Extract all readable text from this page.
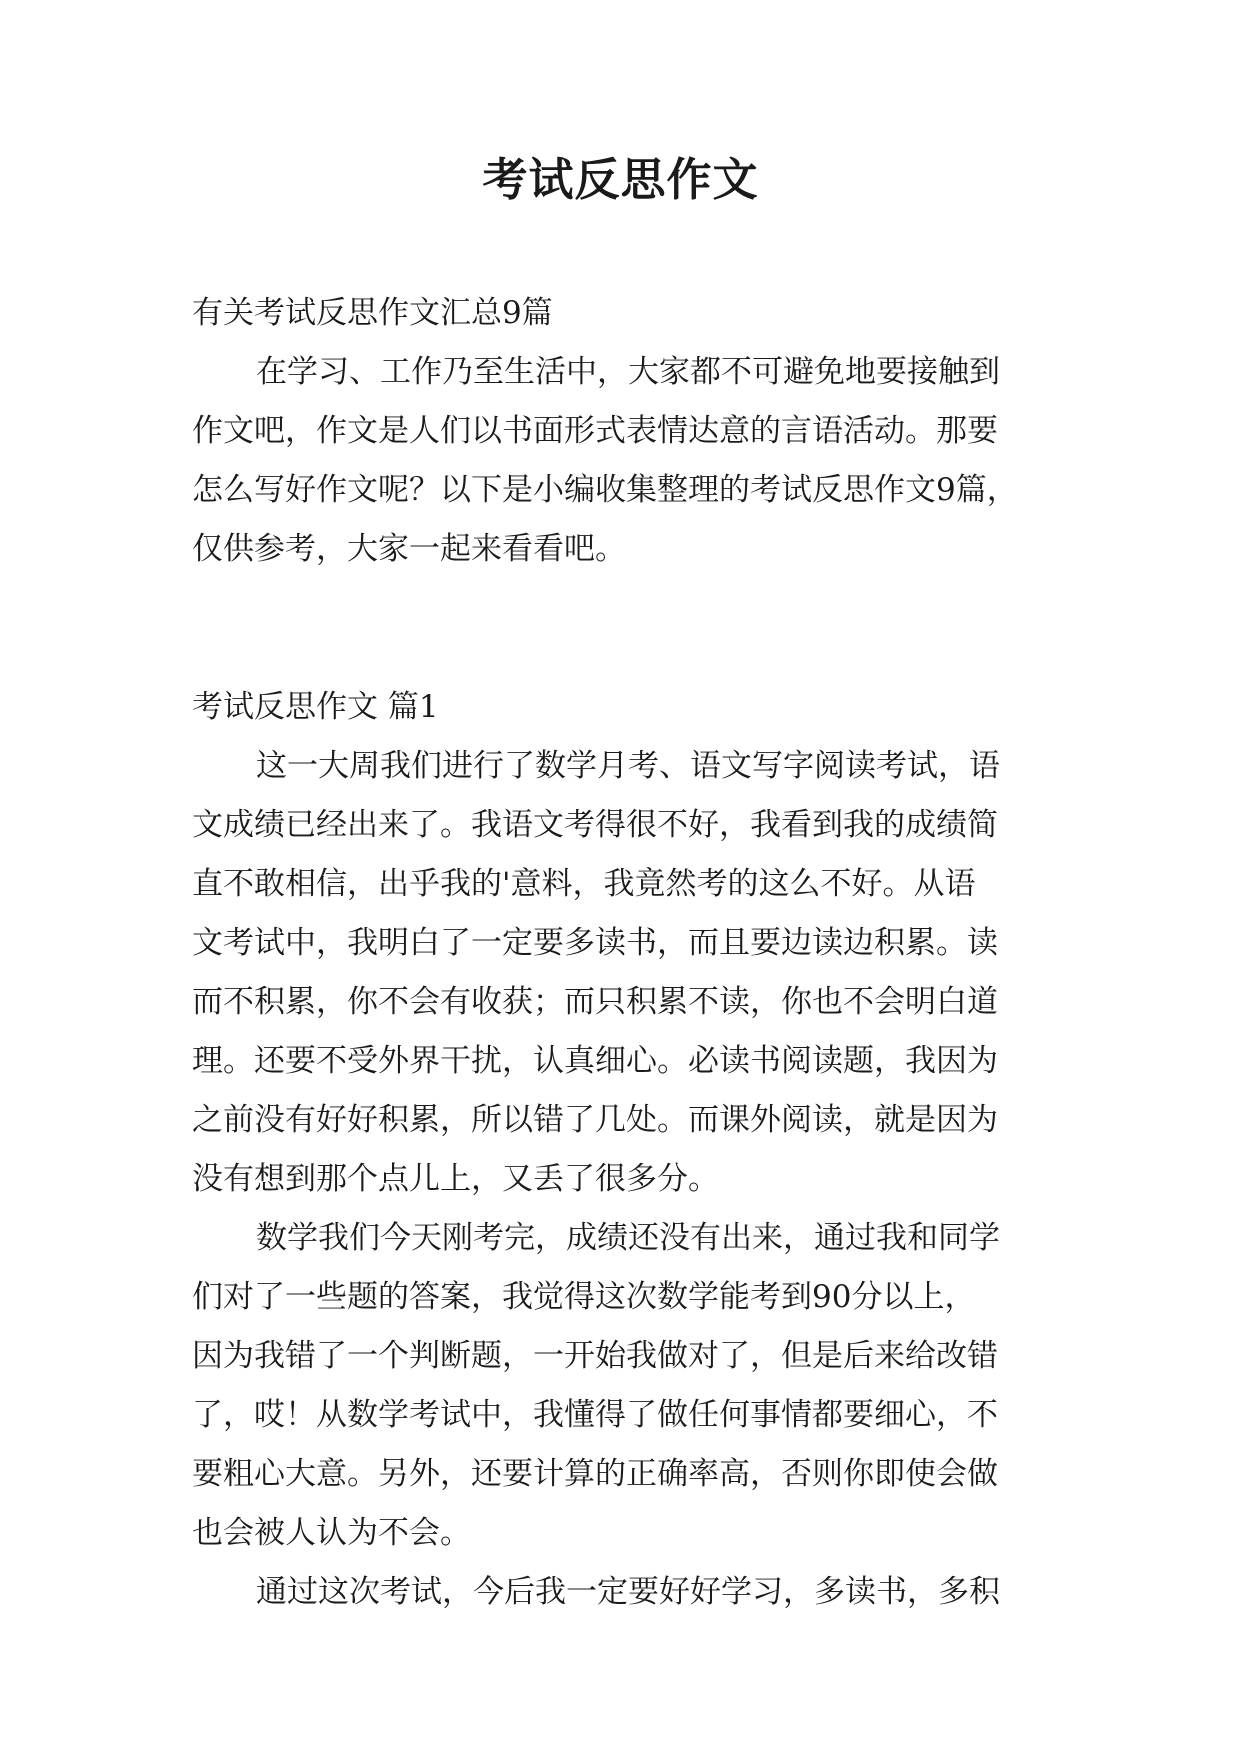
考试反思作文
有关考试反思作文汇总9篇
在学习、工作乃至生活中，大家都不可避免地要接触到
作文吧，作文是人们以书面形式表情达意的言语活动。那要
怎么写好作文呢？以下是小编收集整理的考试反思作文9篇，
仅供参考，大家一起来看看吧。
考试反思作文 篇1
这一大周我们进行了数学月考、语文写字阅读考试，语
文成绩已经出来了。我语文考得很不好，我看到我的成绩简
直不敢相信，出乎我的'意料，我竟然考的这么不好。从语
文考试中，我明白了一定要多读书，而且要边读边积累。读
而不积累，你不会有收获；而只积累不读，你也不会明白道
理。还要不受外界干扰，认真细心。必读书阅读题，我因为
之前没有好好积累，所以错了几处。而课外阅读，就是因为
没有想到那个点儿上，又丢了很多分。
数学我们今天刚考完，成绩还没有出来，通过我和同学
们对了一些题的答案，我觉得这次数学能考到90分以上，
因为我错了一个判断题，一开始我做对了，但是后来给改错
了，哎！从数学考试中，我懂得了做任何事情都要细心，不
要粗心大意。另外，还要计算的正确率高，否则你即使会做
也会被人认为不会。
通过这次考试，今后我一定要好好学习，多读书，多积
